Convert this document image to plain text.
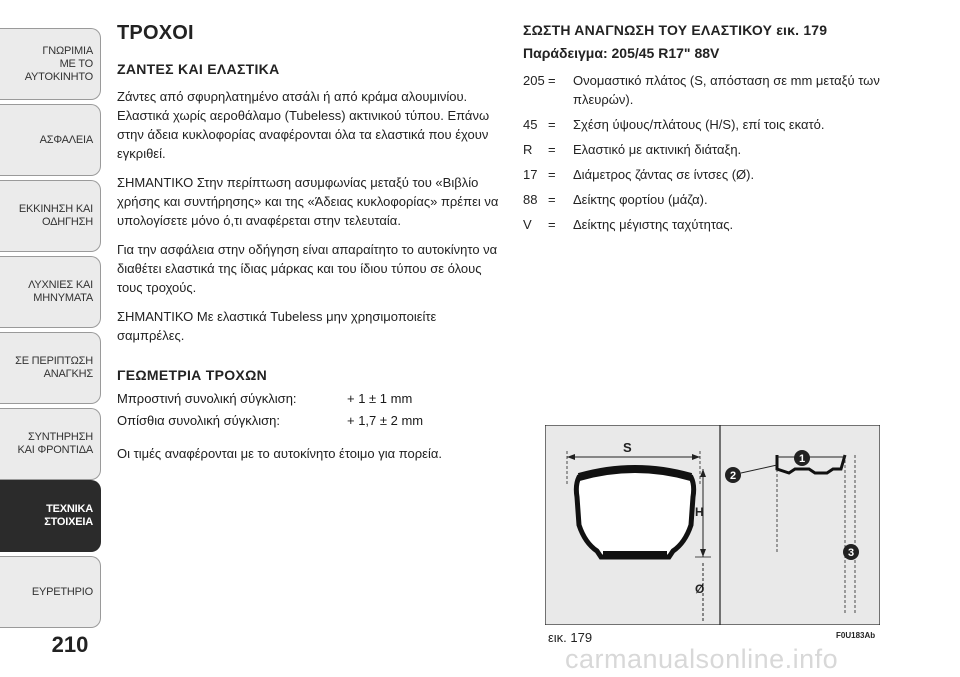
ΓΝΩΡΙΜΙΑ
ΜΕ ΤΟ
ΑΥΤΟΚΙΝΗΤΟ
ΑΣΦΑΛΕΙΑ
ΕΚΚΙΝΗΣΗ ΚΑΙ
ΟΔΗΓΗΣΗ
ΛΥΧΝΙΕΣ ΚΑΙ
ΜΗΝΥΜΑΤΑ
ΣΕ ΠΕΡΙΠΤΩΣΗ
ΑΝΑΓΚΗΣ
ΣΥΝΤΗΡΗΣΗ
ΚΑΙ ΦΡΟΝΤΙΔΑ
ΤΕΧΝΙΚΑ
ΣΤΟΙΧΕΙΑ
ΕΥΡΕΤΗΡΙΟ
210
ΤΡΟΧΟΙ
ΖΑΝΤΕΣ ΚΑΙ ΕΛΑΣΤΙΚΑ

Ζάντες από σφυρηλατημένο ατσάλι ή από κράμα αλουμινίου. Ελαστικά χωρίς αεροθάλαμο (Tubeless) ακτινικού τύπου. Επάνω στην άδεια κυκλοφορίας αναφέρονται όλα τα ελαστικά που έχουν εγκριθεί.

ΣΗΜΑΝΤΙΚΟ Στην περίπτωση ασυμφωνίας μεταξύ του «Βιβλίο χρήσης και συντήρησης» και της «Άδειας κυκλοφορίας» πρέπει να υπολογίσετε μόνο ό,τι αναφέρεται στην τελευταία.

Για την ασφάλεια στην οδήγηση είναι απαραίτητο το αυτοκίνητο να διαθέτει ελαστικά της ίδιας μάρκας και του ίδιου τύπου σε όλους τους τροχούς.

ΣΗΜΑΝΤΙΚΟ Με ελαστικά Tubeless μην χρησιμοποιείτε σαμπρέλες.

ΓΕΩΜΕΤΡΙΑ ΤΡΟΧΩΝ
Μπροστινή συνολική σύγκλιση:	+ 1 ± 1 mm
Οπίσθια συνολική σύγκλιση:	+ 1,7 ± 2 mm

Οι τιμές αναφέρονται με το αυτοκίνητο έτοιμο για πορεία.

ΣΩΣΤΗ ΑΝΑΓΝΩΣΗ ΤΟΥ ΕΛΑΣΤΙΚΟΥ εικ. 179
Παράδειγμα: 205/45 R17" 88V
205 =	Ονομαστικό πλάτος (S, απόσταση σε mm μεταξύ των πλευρών).
45 =	Σχέση ύψους/πλάτους (H/S), επί τοις εκατό.
R	=	Ελαστικό με ακτινική διάταξη.
17 =	Διάμετρος ζάντας σε ίντσες (Ø).
88 =	Δείκτης φορτίου (μάζα).
V	=	Δείκτης μέγιστης ταχύτητας.
S
H
Ø
1
2
3
εικ. 179	F0U183Ab
carmanualsonline.info
